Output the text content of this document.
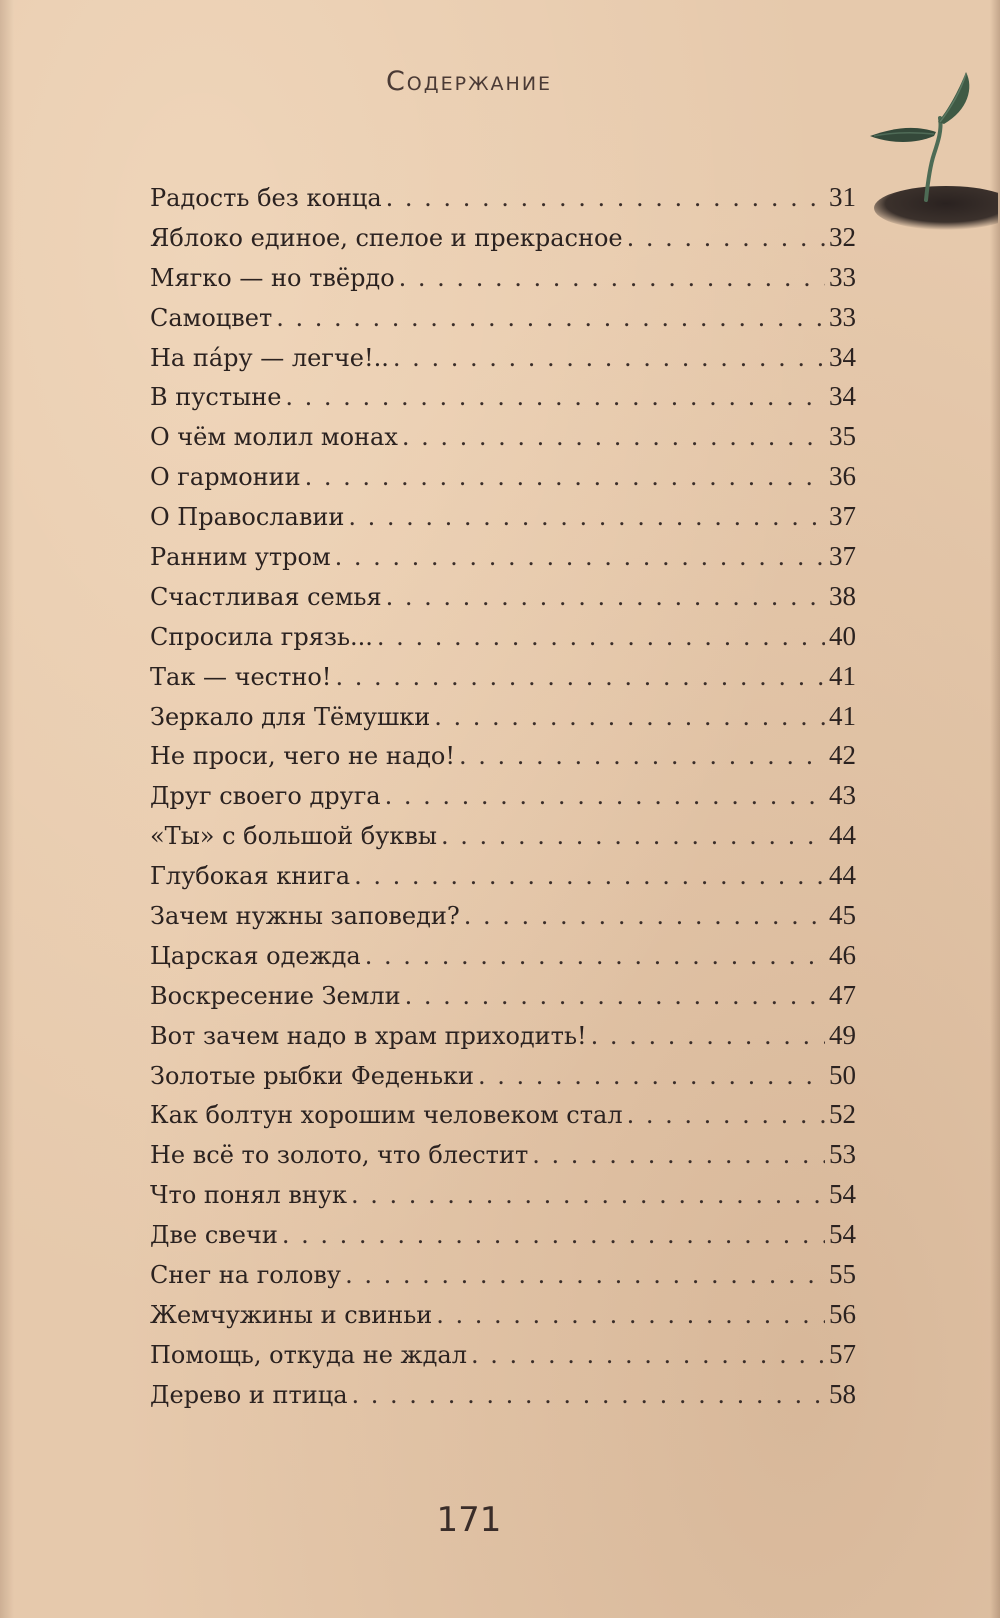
Содержание
Радость без конца . . .	31
Яблоко единое, спелое и прекрасное . . .	32
Мягко — но твёрдо . . .	33
Самоцвет . . .	33
На пáру — легче!.. . . .	34
В пустыне . . .	34
О чём молил монах . . .	35
О гармонии . . .	36
О Православии . . .	37
Ранним утром . . .	37
Счастливая семья . . .	38
Спросила грязь... . . .	40
Так — честно! . . .	41
Зеркало для Тёмушки . . .	41
Не проси, чего не надо! . . .	42
Друг своего друга . . .	43
«Ты» с большой буквы . . .	44
Глубокая книга . . .	44
Зачем нужны заповеди? . . .	45
Царская одежда . . .	46
Воскресение Земли . . .	47
Вот зачем надо в храм приходить! . . .	49
Золотые рыбки Феденьки . . .	50
Как болтун хорошим человеком стал . . .	52
Не всё то золото, что блестит . . .	53
Что понял внук . . .	54
Две свечи . . .	54
Снег на голову . . .	55
Жемчужины и свиньи . . .	56
Помощь, откуда не ждал . . .	57
Дерево и птица . . .	58
171
